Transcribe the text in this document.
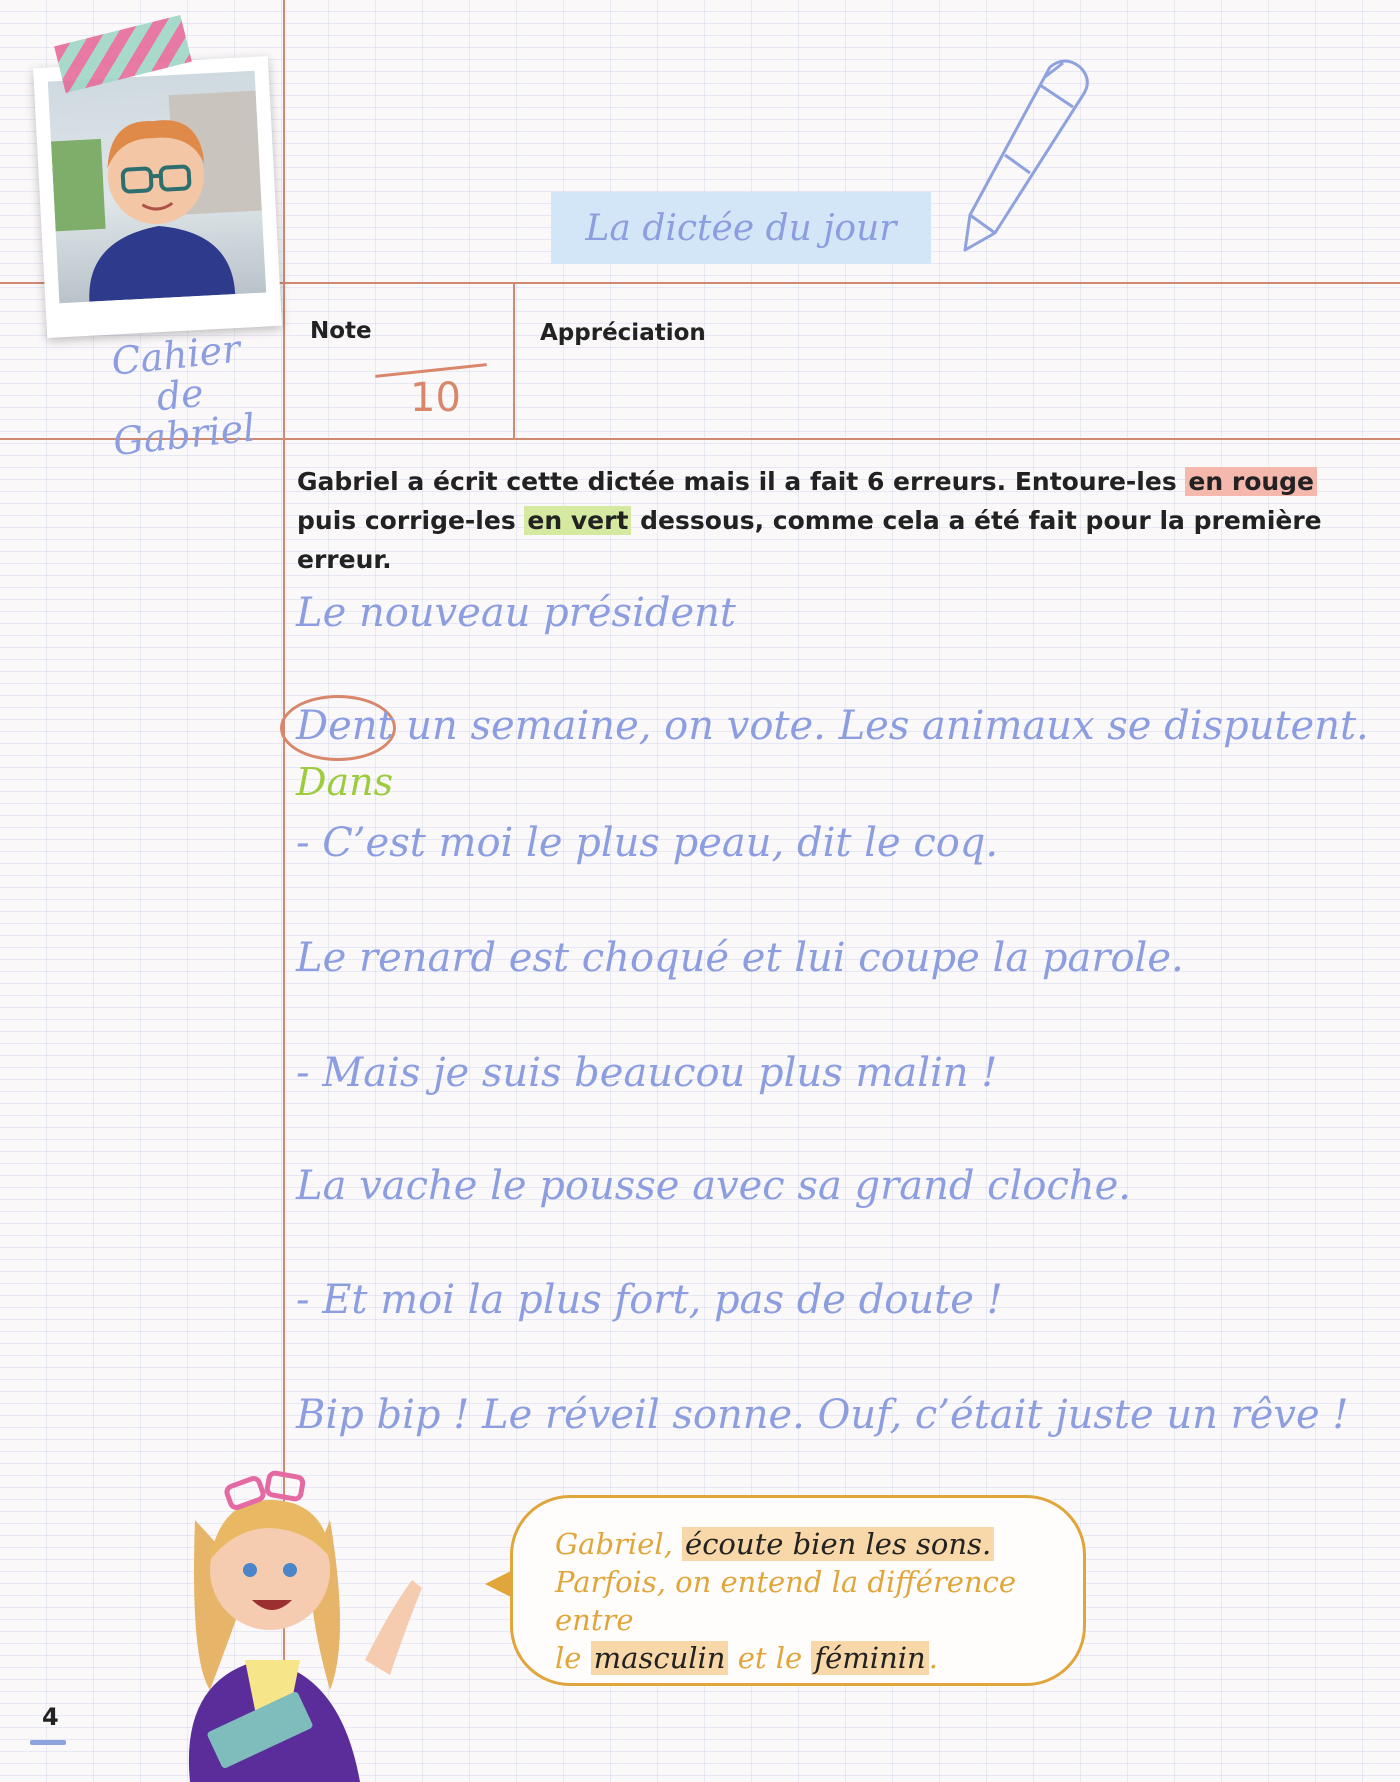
Cahier
de Gabriel
La dictée du jour
Note	Appréciation
10
Gabriel a écrit cette dictée mais il a fait 6 erreurs. Entoure-les en rouge
puis corrige-les en vert dessous, comme cela a été fait pour la première erreur.
Le nouveau président
Dent un semaine, on vote. Les animaux se disputent.
Dans
- C’est moi le plus peau, dit le coq.
Le renard est choqué et lui coupe la parole.
- Mais je suis beaucou plus malin !
La vache le pousse avec sa grand cloche.
- Et moi la plus fort, pas de doute !
Bip bip ! Le réveil sonne. Ouf, c’était juste un rêve !
Gabriel, écoute bien les sons.
Parfois, on entend la différence entre
le masculin et le féminin .
4
